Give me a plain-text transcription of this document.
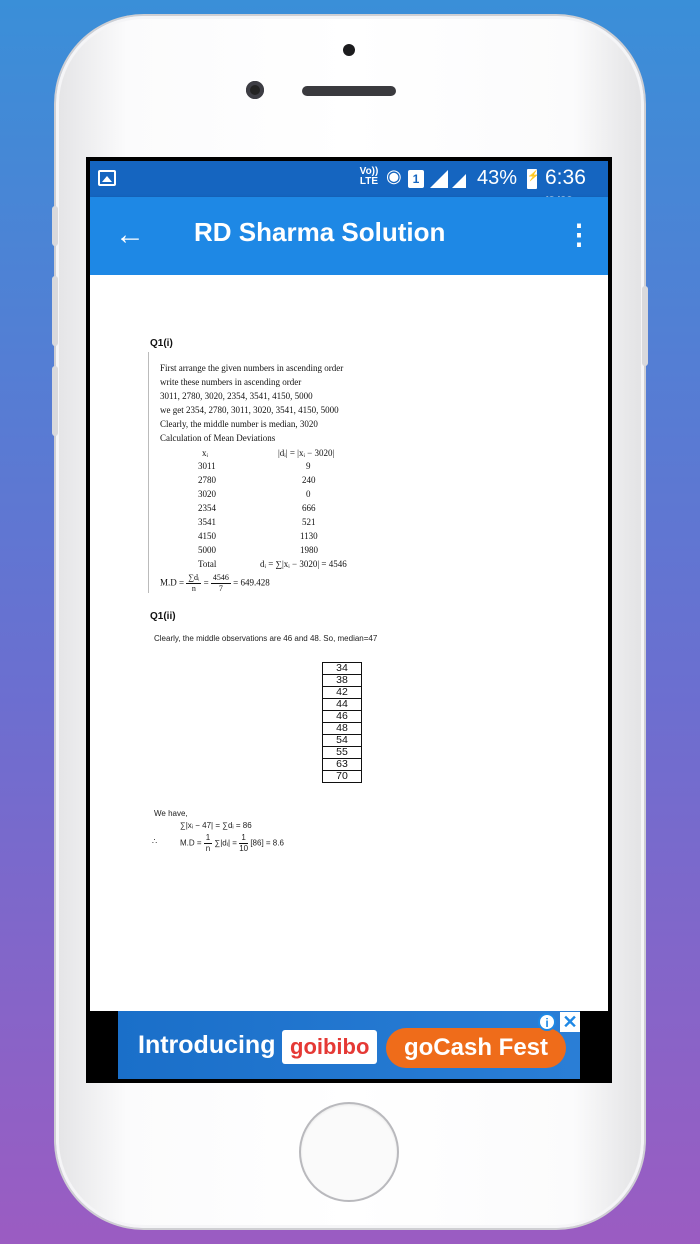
Vo)) LTE ◉ 1	43% ⚡ 6:36
← RD Sharma Solution	⋮
Q1(i)
First arrange the given numbers in ascending order
write these numbers in ascending order
3011, 2780, 3020, 2354, 3541, 4150, 5000
we get 2354, 2780, 3011, 3020, 3541, 4150, 5000
Clearly, the middle number is median, 3020
Calculation of Mean Deviations
xᵢ	|dᵢ| = |xᵢ − 3020|
3011	9
2780	240
3020	0
2354	666
3541	521
4150	1130
5000	1980
Total	dᵢ = ∑|xᵢ − 3020| = 4546
$M.D = \frac{\text{∑dᵢ}}{n} = \frac{4546}{7} = 649.428$
Q1(ii)
Clearly, the middle observations are 46 and 48. So, median=47
34
38
42
44
46
48
54
55
63
70
We have,
∑|xᵢ − 47| = ∑dᵢ = 86
∴	$M.D = \frac{1}{n}$ ∑|dᵢ| = $\frac{1}{10} [86] = 8.6$
Introducing goibibo	goCash Fest
i ✕
